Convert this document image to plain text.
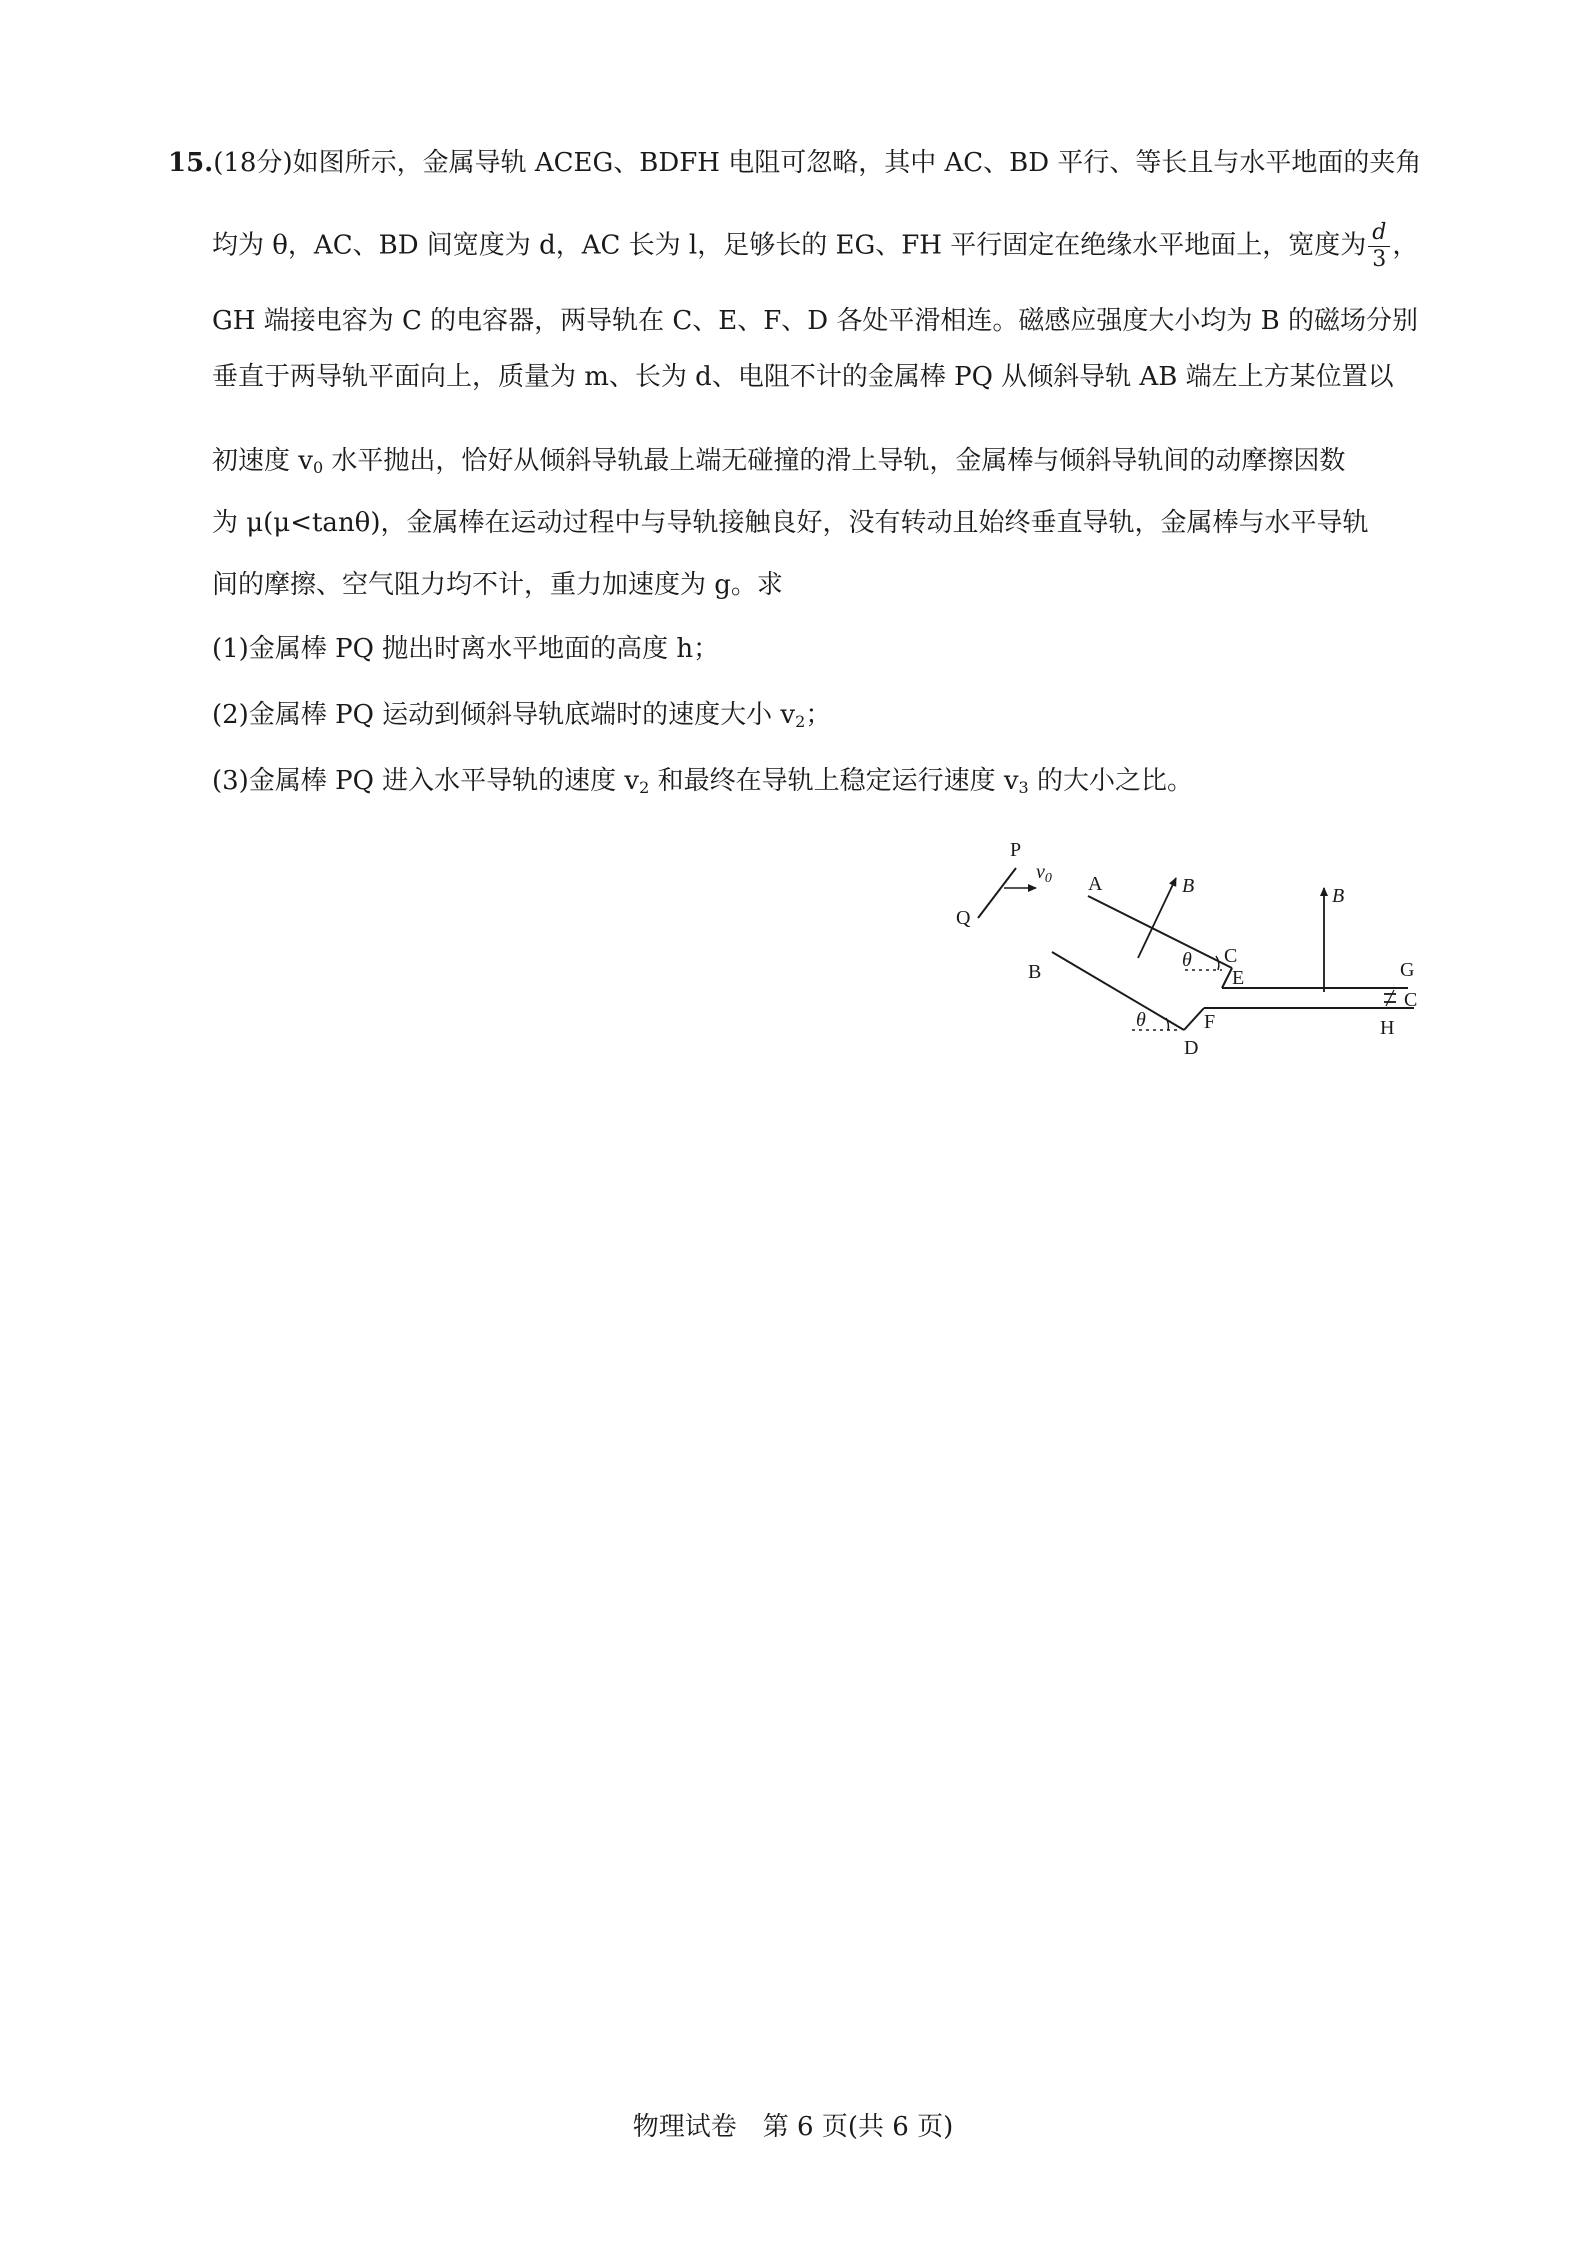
15.(18分)如图所示，金属导轨 ACEG、BDFH 电阻可忽略，其中 AC、BD 平行、等长且与水平地面的夹角
均为 θ，AC、BD 间宽度为 d，AC 长为 l，足够长的 EG、FH 平行固定在绝缘水平地面上，宽度为 $\frac{d}{3}$ ，
GH 端接电容为 C 的电容器，两导轨在 C、E、F、D 各处平滑相连。磁感应强度大小均为 B 的磁场分别
垂直于两导轨平面向上，质量为 m、长为 d、电阻不计的金属棒 PQ 从倾斜导轨 AB 端左上方某位置以
初速度 $v_0$ 水平抛出，恰好从倾斜导轨最上端无碰撞的滑上导轨，金属棒与倾斜导轨间的动摩擦因数
为 μ(μ<tanθ)，金属棒在运动过程中与导轨接触良好，没有转动且始终垂直导轨，金属棒与水平导轨
间的摩擦、空气阻力均不计，重力加速度为 g。求
(1)金属棒 PQ 抛出时离水平地面的高度 h；
(2)金属棒 PQ 运动到倾斜导轨底端时的速度大小 $v_2$；
(3)金属棒 PQ 进入水平导轨的速度 $v_2$ 和最终在导轨上稳定运行速度 $v_3$ 的大小之比。
P
Q
$v_0$ A	B	B
B
θ C
E	G
C
θ	F
D
H
物理试卷　第 6 页(共 6 页)
